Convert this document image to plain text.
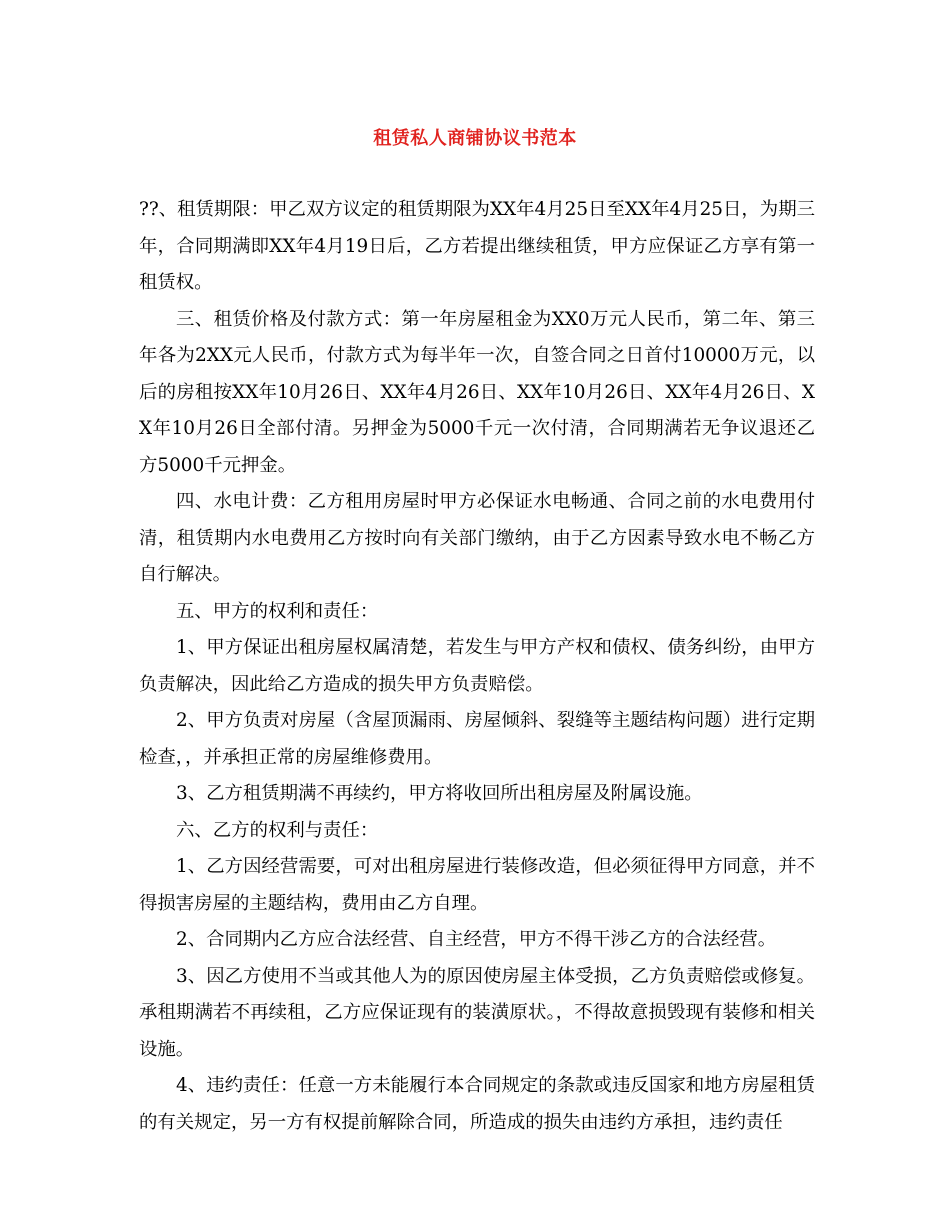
租赁私人商铺协议书范本

??、租赁期限：甲乙双方议定的租赁期限为XX年4月25日至XX年4月25日，为期三年，合同期满即XX年4月19日后，乙方若提出继续租赁，甲方应保证乙方享有第一租赁权。

三、租赁价格及付款方式：第一年房屋租金为XX0万元人民币，第二年、第三年各为2XX元人民币，付款方式为每半年一次，自签合同之日首付10000万元，以后的房租按XX年10月26日、XX年4月26日、XX年10月26日、XX年4月26日、XX年10月26日全部付清。另押金为5000千元一次付清，合同期满若无争议退还乙方5000千元押金。

四、水电计费：乙方租用房屋时甲方必保证水电畅通、合同之前的水电费用付清，租赁期内水电费用乙方按时向有关部门缴纳，由于乙方因素导致水电不畅乙方自行解决。

五、甲方的权利和责任：

1、甲方保证出租房屋权属清楚，若发生与甲方产权和债权、债务纠纷，由甲方负责解决，因此给乙方造成的损失甲方负责赔偿。

2、甲方负责对房屋（含屋顶漏雨、房屋倾斜、裂缝等主题结构问题）进行定期检查，，并承担正常的房屋维修费用。

3、乙方租赁期满不再续约，甲方将收回所出租房屋及附属设施。

六、乙方的权利与责任：

1、乙方因经营需要，可对出租房屋进行装修改造，但必须征得甲方同意，并不得损害房屋的主题结构，费用由乙方自理。

2、合同期内乙方应合法经营、自主经营，甲方不得干涉乙方的合法经营。

3、因乙方使用不当或其他人为的原因使房屋主体受损，乙方负责赔偿或修复。承租期满若不再续租，乙方应保证现有的装潢原状。，不得故意损毁现有装修和相关设施。

4、违约责任：任意一方未能履行本合同规定的条款或违反国家和地方房屋租赁的有关规定，另一方有权提前解除合同，所造成的损失由违约方承担，违约责任
